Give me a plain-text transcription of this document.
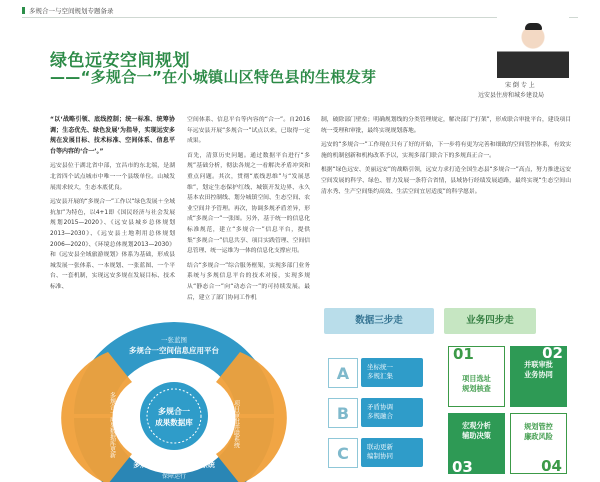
多规合一与空间规划专题备录
绿色远安空间规划
——“多规合一”在小城镇山区特色县的生根发芽	宋 倒 专 上
远安县住房和城乡建设局

“以‘战略引领、底线控制；统一标准、统筹协调；生态优先、绿色发展’为指导，实现远安多规在发展目标、技术标准、空间体系、信息平台等内容的‘合一’。”

远安县位于湖北省中部，宜昌市的东北端，是湖北省四个试点城市中唯一一个县级单位。山城发展需求较大，生态本底优良。

远安县开展的“多规合一”工作以“绿色发展＋全域抗加”为特色，以4+1即《国民经济与社会发展规划2015—2020》、《远安县城乡总体规划2013—2030》、《远安县土地利用总体规划2006—2020》、《环境总体规划2013—2030》和《远安县全域旅游规划》体系为基础，形成县城发展一张体系、一本规划、一张蓝图、一个平台、一套机制，实现远安多规在发展目标、技术标准、

空间体系、信息平台等内容的“合一”。自2016年远安县开展“多规合一”试点以来，已取得一定成果。

首先，清算历史问题。通过数据平台进行“多规”基础分析，彻法各规之一看解决矛盾冲突和重点问题。其次，贯彻“底线思维”与“发展思维”，划定生态保护红线、城镇开发边界、永久基本农田控制线、划分城镇空间、生态空间、农业空间并予管理。再次，协调多规矛盾差异，形成“多规合一”一张图。另外，基于统一的信息化标准规范，建立“多规合一”信息平台，提供集“多规合一”信息共享、项目实践管理、空间信息管理、统一运维为一体的信息化支撑应用。

结合“多规合一”综合服务框架，实现多部门业务系统与多规信息平台的技术对接，实现多规从“静态合一”向“动态合一”的可持续发展。最后，建立了部门协同工作机

制，破除部门壁垒；明确规划线的分类管理规定，解决部门“打架”，形成联合审批平台，建设项目统一受理和审批，最终实现规划落地。

远安的“多规合一”工作现在只有了好的开始，下一步将有更为完善和细致的空间管控体系，有效实施的机制创新和机构改革予以，实现多部门联合下的多规真正合一。

根据“绿色远安、美丽远安”的战略引领，远安力求打造全国生态县“多规合一”高点，努力推进远安空间发展的科学、绿色、智力发展一条符合省情，县域协行经绩发展道路，最终实现“生态空间山清水秀、生产空间集约高效、生活空间宜居适度”的科学愿景。

多规合一
成果数据库
一张蓝图
多规合一空间信息应用平台
多规合一空间信息管理系统
保障运行
多规合一成果数据库更新	项目审批并联系统
数据三步走	业务四步走
A	坐标统一
多规汇集
B	矛盾协调
多规融合
C	联动更新
编制协同
01
项目选址
规划核查
02
并联审批
业务协同
宏观分析
辅助决策
03
规划管控
廉政风险
04
